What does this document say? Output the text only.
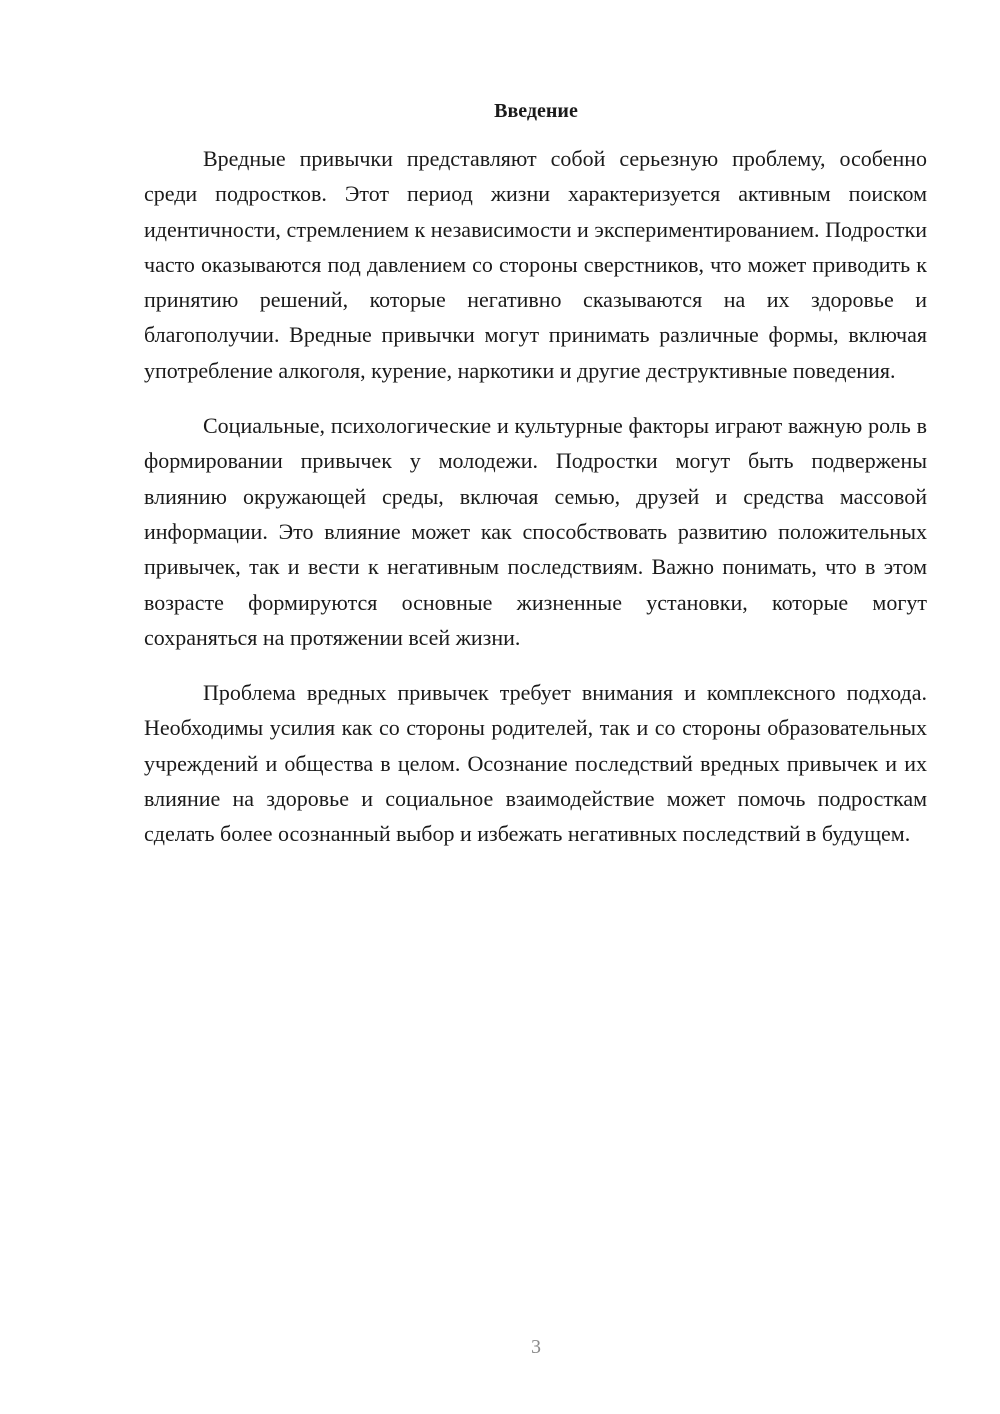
Введение

Вредные привычки представляют собой серьезную проблему, особенно среди подростков. Этот период жизни характеризуется активным поиском идентичности, стремлением к независимости и экспериментированием. Подростки часто оказываются под давлением со стороны сверстников, что может приводить к принятию решений, которые негативно сказываются на их здоровье и благополучии. Вредные привычки могут принимать различные формы, включая употребление алкоголя, курение, наркотики и другие деструктивные поведения.

Социальные, психологические и культурные факторы играют важную роль в формировании привычек у молодежи. Подростки могут быть подвержены влиянию окружающей среды, включая семью, друзей и средства массовой информации. Это влияние может как способствовать развитию положительных привычек, так и вести к негативным последствиям. Важно понимать, что в этом возрасте формируются основные жизненные установки, которые могут сохраняться на протяжении всей жизни.

Проблема вредных привычек требует внимания и комплексного подхода. Необходимы усилия как со стороны родителей, так и со стороны образовательных учреждений и общества в целом. Осознание последствий вредных привычек и их влияние на здоровье и социальное взаимодействие может помочь подросткам сделать более осознанный выбор и избежать негативных последствий в будущем.

3
